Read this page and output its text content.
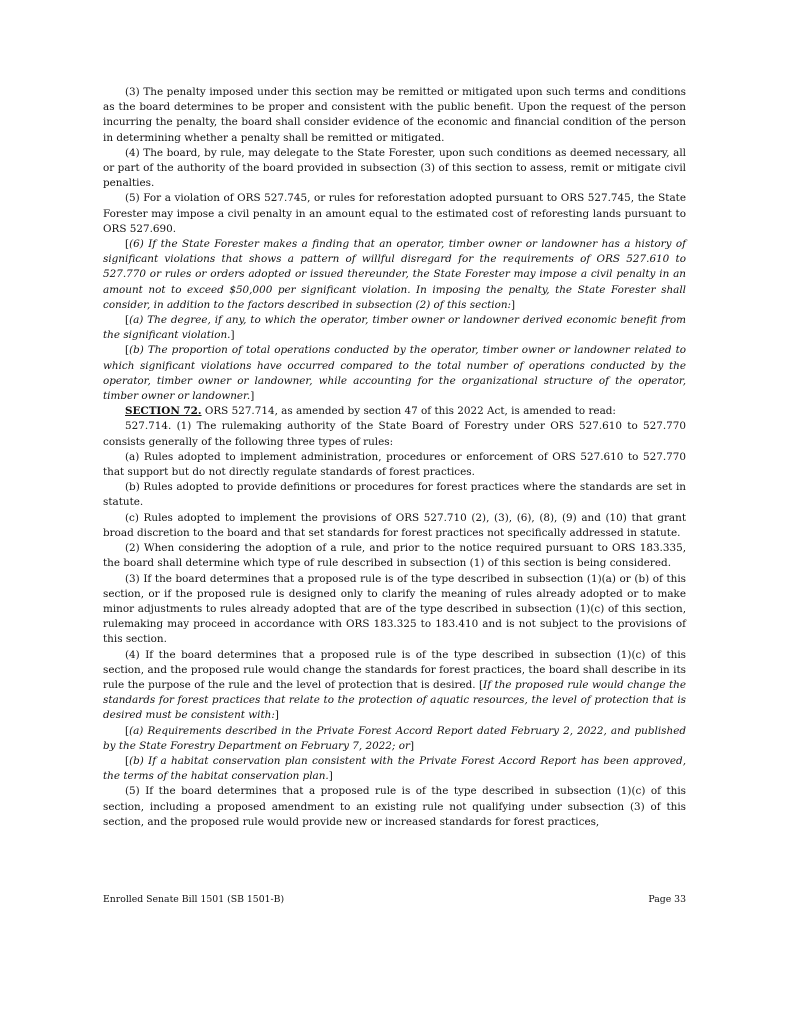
(3) The penalty imposed under this section may be remitted or mitigated upon such terms and conditions as the board determines to be proper and consistent with the public benefit. Upon the request of the person incurring the penalty, the board shall consider evidence of the economic and financial condition of the person in determining whether a penalty shall be remitted or mitigated.

(4) The board, by rule, may delegate to the State Forester, upon such conditions as deemed necessary, all or part of the authority of the board provided in subsection (3) of this section to assess, remit or mitigate civil penalties.

(5) For a violation of ORS 527.745, or rules for reforestation adopted pursuant to ORS 527.745, the State Forester may impose a civil penalty in an amount equal to the estimated cost of reforesting lands pursuant to ORS 527.690.

[(6) If the State Forester makes a finding that an operator, timber owner or landowner has a history of significant violations that shows a pattern of willful disregard for the requirements of ORS 527.610 to 527.770 or rules or orders adopted or issued thereunder, the State Forester may impose a civil penalty in an amount not to exceed $50,000 per significant violation. In imposing the penalty, the State Forester shall consider, in addition to the factors described in subsection (2) of this section:]

[(a) The degree, if any, to which the operator, timber owner or landowner derived economic benefit from the significant violation.]

[(b) The proportion of total operations conducted by the operator, timber owner or landowner related to which significant violations have occurred compared to the total number of operations conducted by the operator, timber owner or landowner, while accounting for the organizational structure of the operator, timber owner or landowner.]

SECTION 72. ORS 527.714, as amended by section 47 of this 2022 Act, is amended to read:

527.714. (1) The rulemaking authority of the State Board of Forestry under ORS 527.610 to 527.770 consists generally of the following three types of rules:

(a) Rules adopted to implement administration, procedures or enforcement of ORS 527.610 to 527.770 that support but do not directly regulate standards of forest practices.

(b) Rules adopted to provide definitions or procedures for forest practices where the standards are set in statute.

(c) Rules adopted to implement the provisions of ORS 527.710 (2), (3), (6), (8), (9) and (10) that grant broad discretion to the board and that set standards for forest practices not specifically addressed in statute.

(2) When considering the adoption of a rule, and prior to the notice required pursuant to ORS 183.335, the board shall determine which type of rule described in subsection (1) of this section is being considered.

(3) If the board determines that a proposed rule is of the type described in subsection (1)(a) or (b) of this section, or if the proposed rule is designed only to clarify the meaning of rules already adopted or to make minor adjustments to rules already adopted that are of the type described in subsection (1)(c) of this section, rulemaking may proceed in accordance with ORS 183.325 to 183.410 and is not subject to the provisions of this section.

(4) If the board determines that a proposed rule is of the type described in subsection (1)(c) of this section, and the proposed rule would change the standards for forest practices, the board shall describe in its rule the purpose of the rule and the level of protection that is desired. [If the proposed rule would change the standards for forest practices that relate to the protection of aquatic resources, the level of protection that is desired must be consistent with:]

[(a) Requirements described in the Private Forest Accord Report dated February 2, 2022, and published by the State Forestry Department on February 7, 2022; or]

[(b) If a habitat conservation plan consistent with the Private Forest Accord Report has been approved, the terms of the habitat conservation plan.]

(5) If the board determines that a proposed rule is of the type described in subsection (1)(c) of this section, including a proposed amendment to an existing rule not qualifying under subsection (3) of this section, and the proposed rule would provide new or increased standards for forest practices,

Enrolled Senate Bill 1501 (SB 1501-B)	Page 33
